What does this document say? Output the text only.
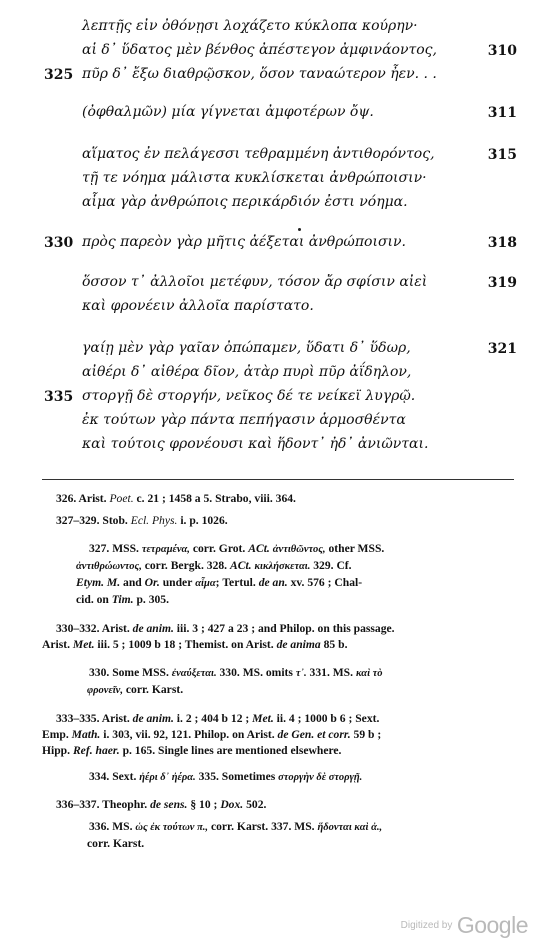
λεπτῇς εἰν ὀθόνῃσι λοχάζετο κύκλοπα κούρην·
αἱ δ᾽ ὕδατος μὲν βένθος ἀπέστεγον ἀμφινάοντος,	310
325 πῦρ δ᾽ ἔξω διαθρῷσκον, ὅσον ταναώτερον ἦεν. . .
(ὀφθαλμῶν) μία γίγνεται ἀμφοτέρων ὄψ.	311
αἵματος ἐν πελάγεσσι τεθραμμένη ἀντιθορόντος,	315
τῇ τε νόημα μάλιστα κυκλίσκεται ἀνθρώποισιν·
αἷμα γὰρ ἀνθρώποις περικάρδιόν ἐστι νόημα.
330 πρὸς παρεὸν γὰρ μῆτις ἀέξεται ἀνθρώποισιν.	318
ὅσσον τ᾽ ἀλλοῖοι μετέφυν, τόσον ἄρ σφίσιν αἰεὶ	319
καὶ φρονέειν ἀλλοῖα παρίστατο.
γαίῃ μὲν γὰρ γαῖαν ὀπώπαμεν, ὕδατι δ᾽ ὕδωρ,	321
αἰθέρι δ᾽ αἰθέρα δῖον, ἀτὰρ πυρὶ πῦρ ἀΐδηλον,
335 στοργῇ δὲ στοργήν, νεῖκος δέ τε νείκεϊ λυγρῷ.
ἐκ τούτων γὰρ πάντα πεπήγασιν ἁρμοσθέντα
καὶ τούτοις φρονέουσι καὶ ἥδοντ᾽ ἠδ᾽ ἀνιῶνται.
326. Arist. Poet. c. 21 ; 1458 a 5. Strabo, viii. 364.
327–329. Stob. Ecl. Phys. i. p. 1026.
327. MSS. τετραμένα, corr. Grot. ACt. ἀντιθῶντος, other MSS.
ἀντιθρώωντος, corr. Bergk. 328. ACt. κικλήσκεται. 329. Cf.
Etym. M. and Or. under αἷμα; Tertul. de an. xv. 576 ; Chal-
cid. on Tim. p. 305.
330–332. Arist. de anim. iii. 3 ; 427 a 23 ; and Philop. on this passage.
Arist. Met. iii. 5 ; 1009 b 18 ; Themist. on Arist. de anima 85 b.
330. Some MSS. ἐναύξεται. 330. MS. omits τ᾽. 331. MS. καὶ τὸ
φρονεῖν, corr. Karst.
333–335. Arist. de anim. i. 2 ; 404 b 12 ; Met. ii. 4 ; 1000 b 6 ; Sext.
Emp. Math. i. 303, vii. 92, 121. Philop. on Arist. de Gen. et corr. 59 b ;
Hipp. Ref. haer. p. 165. Single lines are mentioned elsewhere.
334. Sext. ἠέρι δ᾽ ἠέρα. 335. Sometimes στοργὴν δὲ στοργῇ.
336–337. Theophr. de sens. § 10 ; Dox. 502.
336. MS. ὡς ἐκ τούτων π., corr. Karst. 337. MS. ἥδονται καὶ ἀ.,
corr. Karst.
Digitized by Google
